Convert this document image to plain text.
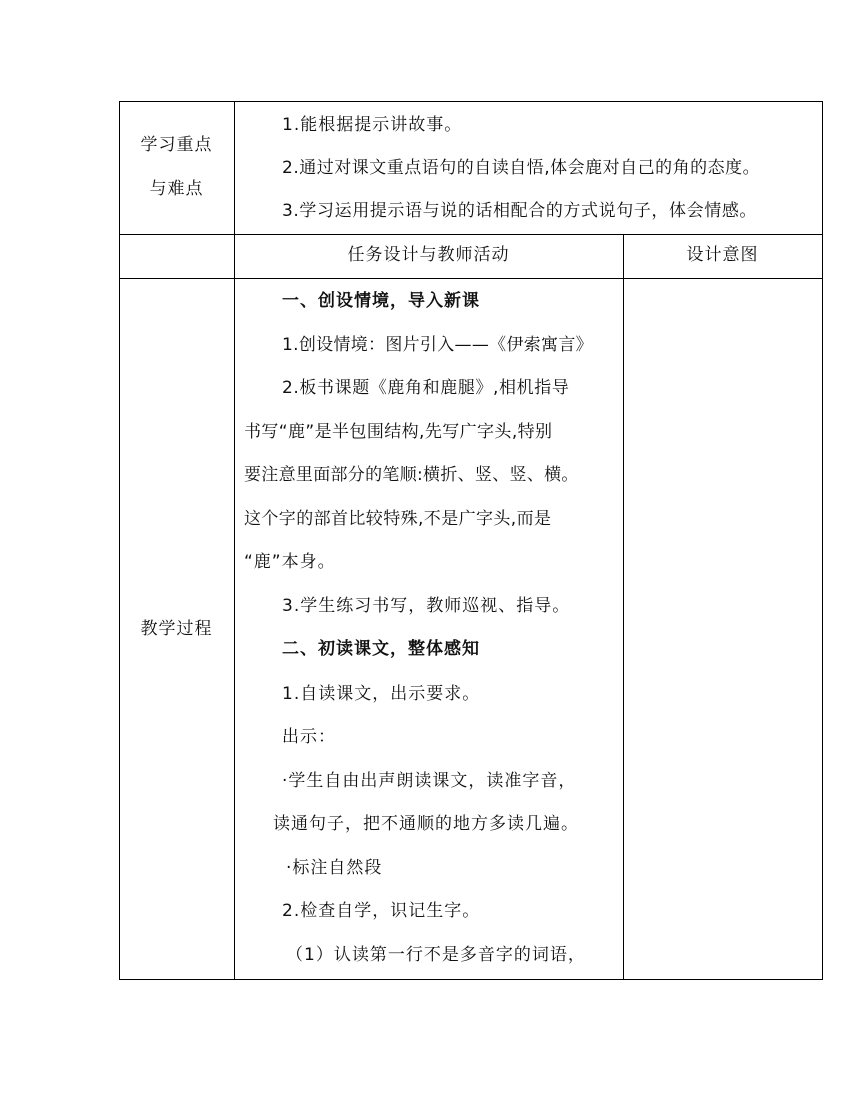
学习重点
与难点
1.能根据提示讲故事。
2.通过对课文重点语句的自读自悟,体会鹿对自己的角的态度。
3.学习运用提示语与说的话相配合的方式说句子，体会情感。
任务设计与教师活动	设计意图
教学过程
一、创设情境，导入新课
1.创设情境：图片引入——《伊索寓言》
2.板书课题《鹿角和鹿腿》,相机指导
书写“鹿”是半包围结构,先写广字头,特别
要注意里面部分的笔顺:横折、竖、竖、横。
这个字的部首比较特殊,不是广字头,而是
“鹿”本身。
3.学生练习书写，教师巡视、指导。
二、初读课文，整体感知
1.自读课文，出示要求。
出示：
·学生自由出声朗读课文，读准字音，
读通句子，把不通顺的地方多读几遍。
·标注自然段
2.检查自学，识记生字。
（1）认读第一行不是多音字的词语，
